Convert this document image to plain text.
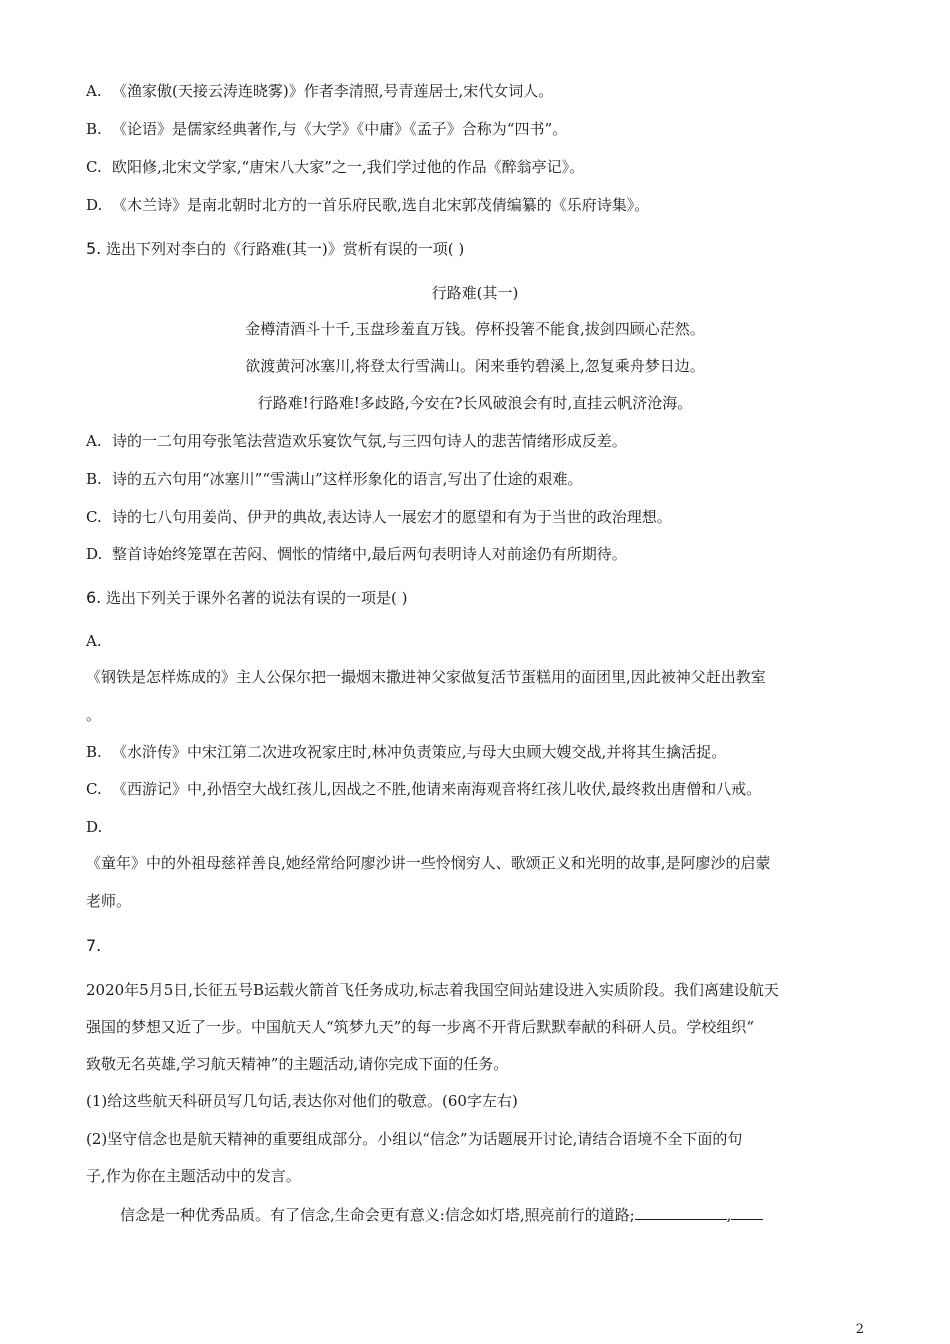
A. 《渔家傲(天接云涛连晓雾)》作者李清照,号青莲居士,宋代女词人。
B. 《论语》是儒家经典著作,与《大学》《中庸》《孟子》合称为“四书”。
C. 欧阳修,北宋文学家,“唐宋八大家”之一,我们学过他的作品《醉翁亭记》。
D. 《木兰诗》是南北朝时北方的一首乐府民歌,选自北宋郭茂倩编纂的《乐府诗集》。
5. 选出下列对李白的《行路难(其一)》赏析有误的一项( )
行路难(其一)
金樽清酒斗十千,玉盘珍羞直万钱。停杯投箸不能食,拔剑四顾心茫然。
欲渡黄河冰塞川,将登太行雪满山。闲来垂钓碧溪上,忽复乘舟梦日边。
行路难!行路难!多歧路,今安在?长风破浪会有时,直挂云帆济沧海。
A. 诗的一二句用夸张笔法营造欢乐宴饮气氛,与三四句诗人的悲苦情绪形成反差。
B. 诗的五六句用“冰塞川”“雪满山”这样形象化的语言,写出了仕途的艰难。
C. 诗的七八句用姜尚、伊尹的典故,表达诗人一展宏才的愿望和有为于当世的政治理想。
D. 整首诗始终笼罩在苦闷、惆怅的情绪中,最后两句表明诗人对前途仍有所期待。
6. 选出下列关于课外名著的说法有误的一项是( )
A.
《钢铁是怎样炼成的》主人公保尔把一撮烟末撒进神父家做复活节蛋糕用的面团里,因此被神父赶出教室
。
B. 《水浒传》中宋江第二次进攻祝家庄时,林冲负责策应,与母大虫顾大嫂交战,并将其生擒活捉。
C. 《西游记》中,孙悟空大战红孩儿,因战之不胜,他请来南海观音将红孩儿收伏,最终救出唐僧和八戒。
D.
《童年》中的外祖母慈祥善良,她经常给阿廖沙讲一些怜悯穷人、歌颂正义和光明的故事,是阿廖沙的启蒙
老师。
7.
2020年5月5日,长征五号B运载火箭首飞任务成功,标志着我国空间站建设进入实质阶段。我们离建设航天
强国的梦想又近了一步。中国航天人“筑梦九天”的每一步离不开背后默默奉献的科研人员。学校组织“
致敬无名英雄,学习航天精神”的主题活动,请你完成下面的任务。
(1)给这些航天科研员写几句话,表达你对他们的敬意。(60字左右)
(2)坚守信念也是航天精神的重要组成部分。小组以“信念”为话题展开讨论,请结合语境不全下面的句
子,作为你在主题活动中的发言。
信念是一种优秀品质。有了信念,生命会更有意义:信念如灯塔,照亮前行的道路;	,
2
